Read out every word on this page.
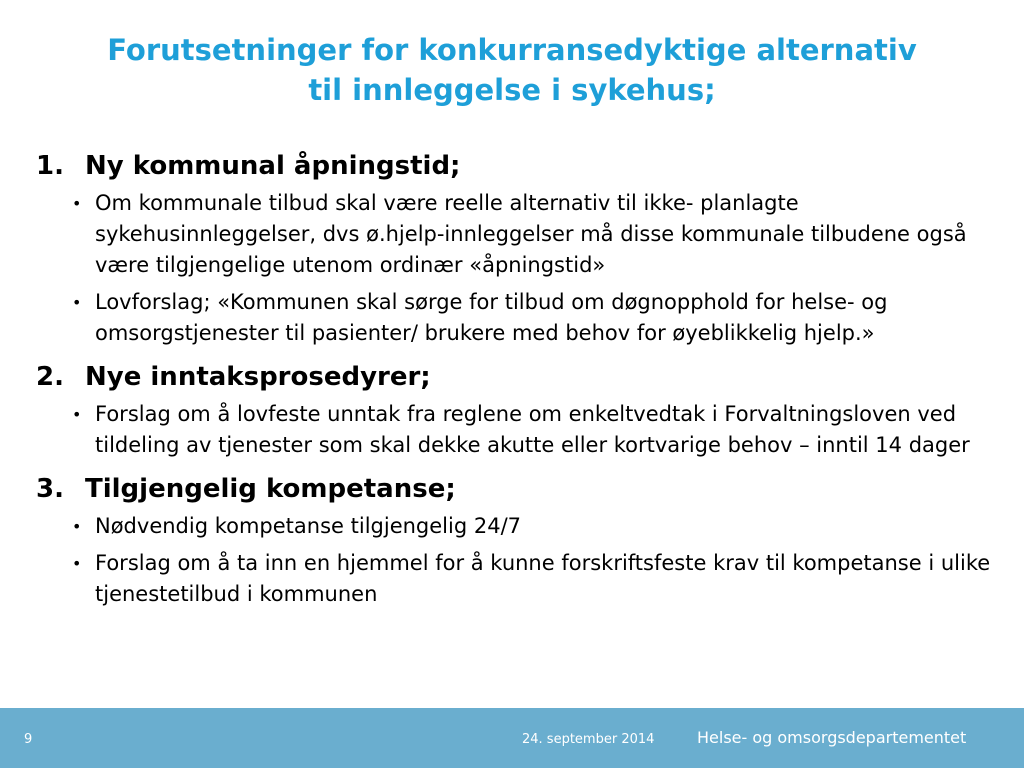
Forutsetninger for konkurransedyktige alternativ
til innleggelse i sykehus;
1. Ny kommunal åpningstid;
• Om kommunale tilbud skal være reelle alternativ til ikke- planlagte sykehusinnleggelser, dvs ø.hjelp-innleggelser må disse kommunale tilbudene også være tilgjengelige utenom ordinær «åpningstid»
• Lovforslag; «Kommunen skal sørge for tilbud om døgnopphold for helse- og omsorgstjenester til pasienter/ brukere med behov for øyeblikkelig hjelp.»
2. Nye inntaksprosedyrer;
• Forslag om å lovfeste unntak fra reglene om enkeltvedtak i Forvaltningsloven ved tildeling av tjenester som skal dekke akutte eller kortvarige behov – inntil 14 dager
3. Tilgjengelig kompetanse;
• Nødvendig kompetanse tilgjengelig 24/7
• Forslag om å ta inn en hjemmel for å kunne forskriftsfeste krav til kompetanse i ulike tjenestetilbud i kommunen
9	24. september 2014	Helse- og omsorgsdepartementet
